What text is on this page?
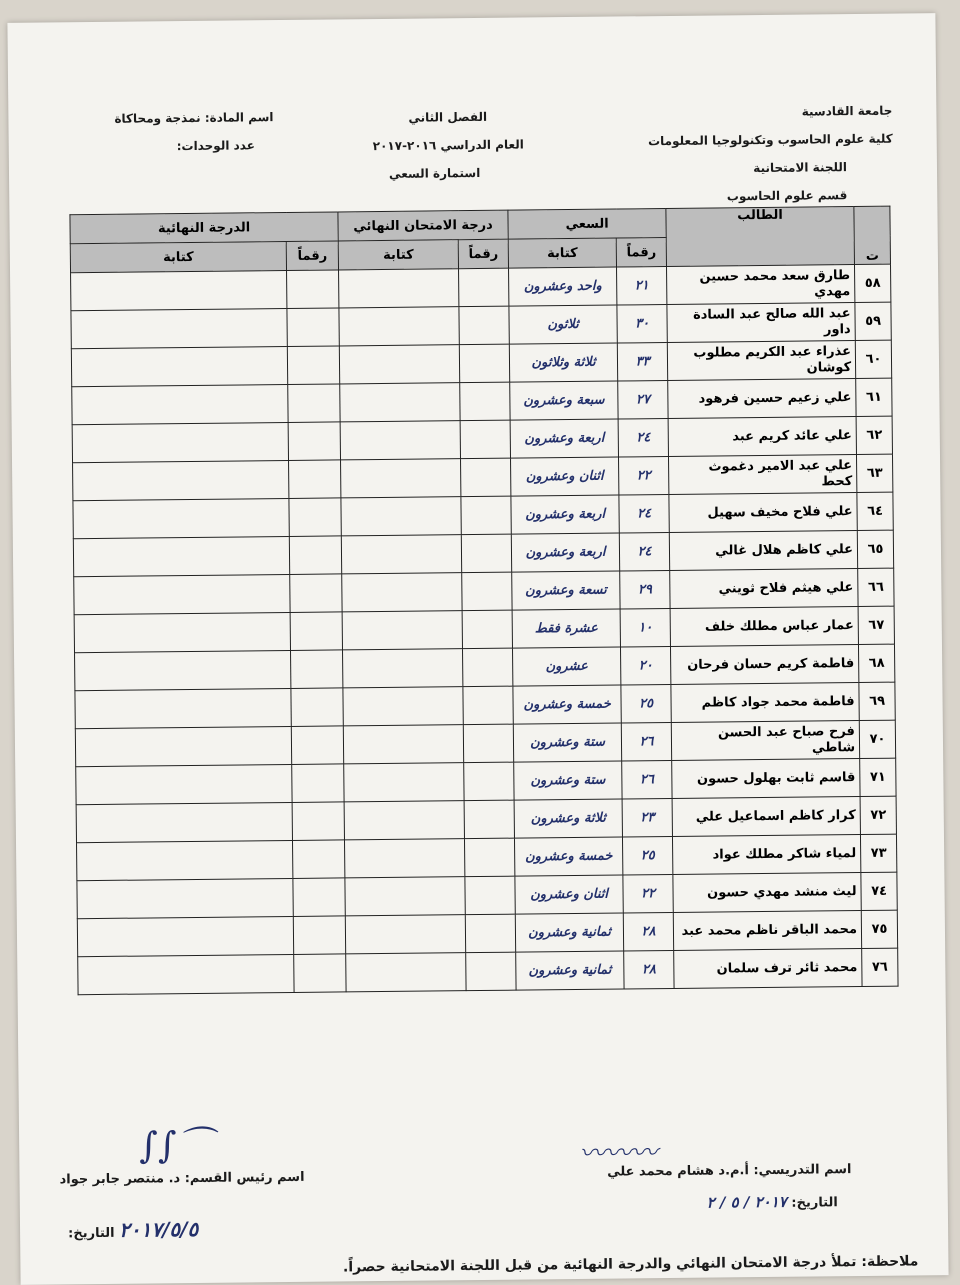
جامعة القادسية
كلية علوم الحاسوب وتكنولوجيا المعلومات
اللجنة الامتحانية
قسم علوم الحاسوب
الفصل الثاني
العام الدراسي ٢٠١٦-٢٠١٧
استمارة السعي
اسم المادة: نمذجة ومحاكاة
عدد الوحدات:
ت	الطالب	السعي		درجة الامتحان النهائي		الدرجة النهائية	
		رقماً	كتابة	رقماً	كتابة	رقماً	كتابة
٥٨	طارق سعد محمد حسين مهدي	٢١	واحد وعشرون				
٥٩	عبد الله صالح عبد السادة داور	٣٠	ثلاثون				
٦٠	عذراء عبد الكريم مطلوب كوشان	٣٣	ثلاثة وثلاثون				
٦١	علي زعيم حسين فرهود	٢٧	سبعة وعشرون				
٦٢	علي عائد كريم عبد	٢٤	اربعة وعشرون				
٦٣	علي عبد الامير دغموث كحط	٢٢	اثنان وعشرون				
٦٤	علي فلاح مخيف سهيل	٢٤	اربعة وعشرون				
٦٥	علي كاظم هلال غالي	٢٤	اربعة وعشرون				
٦٦	علي هيثم فلاح ثويني	٢٩	تسعة وعشرون				
٦٧	عمار عباس مطلك خلف	١٠	عشرة فقط				
٦٨	فاطمة كريم حسان فرحان	٢٠	عشرون				
٦٩	فاطمة محمد جواد كاظم	٢٥	خمسة وعشرون				
٧٠	فرح صباح عبد الحسن شاطي	٢٦	ستة وعشرون				
٧١	قاسم ثابت بهلول حسون	٢٦	ستة وعشرون				
٧٢	كرار كاظم اسماعيل علي	٢٣	ثلاثة وعشرون				
٧٣	لمياء شاكر مطلك عواد	٢٥	خمسة وعشرون				
٧٤	ليث منشد مهدي حسون	٢٢	اثنان وعشرون				
٧٥	محمد الباقر ناظم محمد عبد	٢٨	ثمانية وعشرون				
٧٦	محمد ثائر ترف سلمان	٢٨	ثمانية وعشرون				
اسم التدريسي: أ.م.د هشام محمد علي
التاريخ: ٢٠١٧ / ٥ / ٢
〰〰〰
اسم رئيس القسم: د. منتصر جابر جواد
٢٠١٧/٥/٥ التاريخ:
∫∫⌒
ملاحظة: تملأ درجة الامتحان النهائي والدرجة النهائية من قبل اللجنة الامتحانية حصراً.
